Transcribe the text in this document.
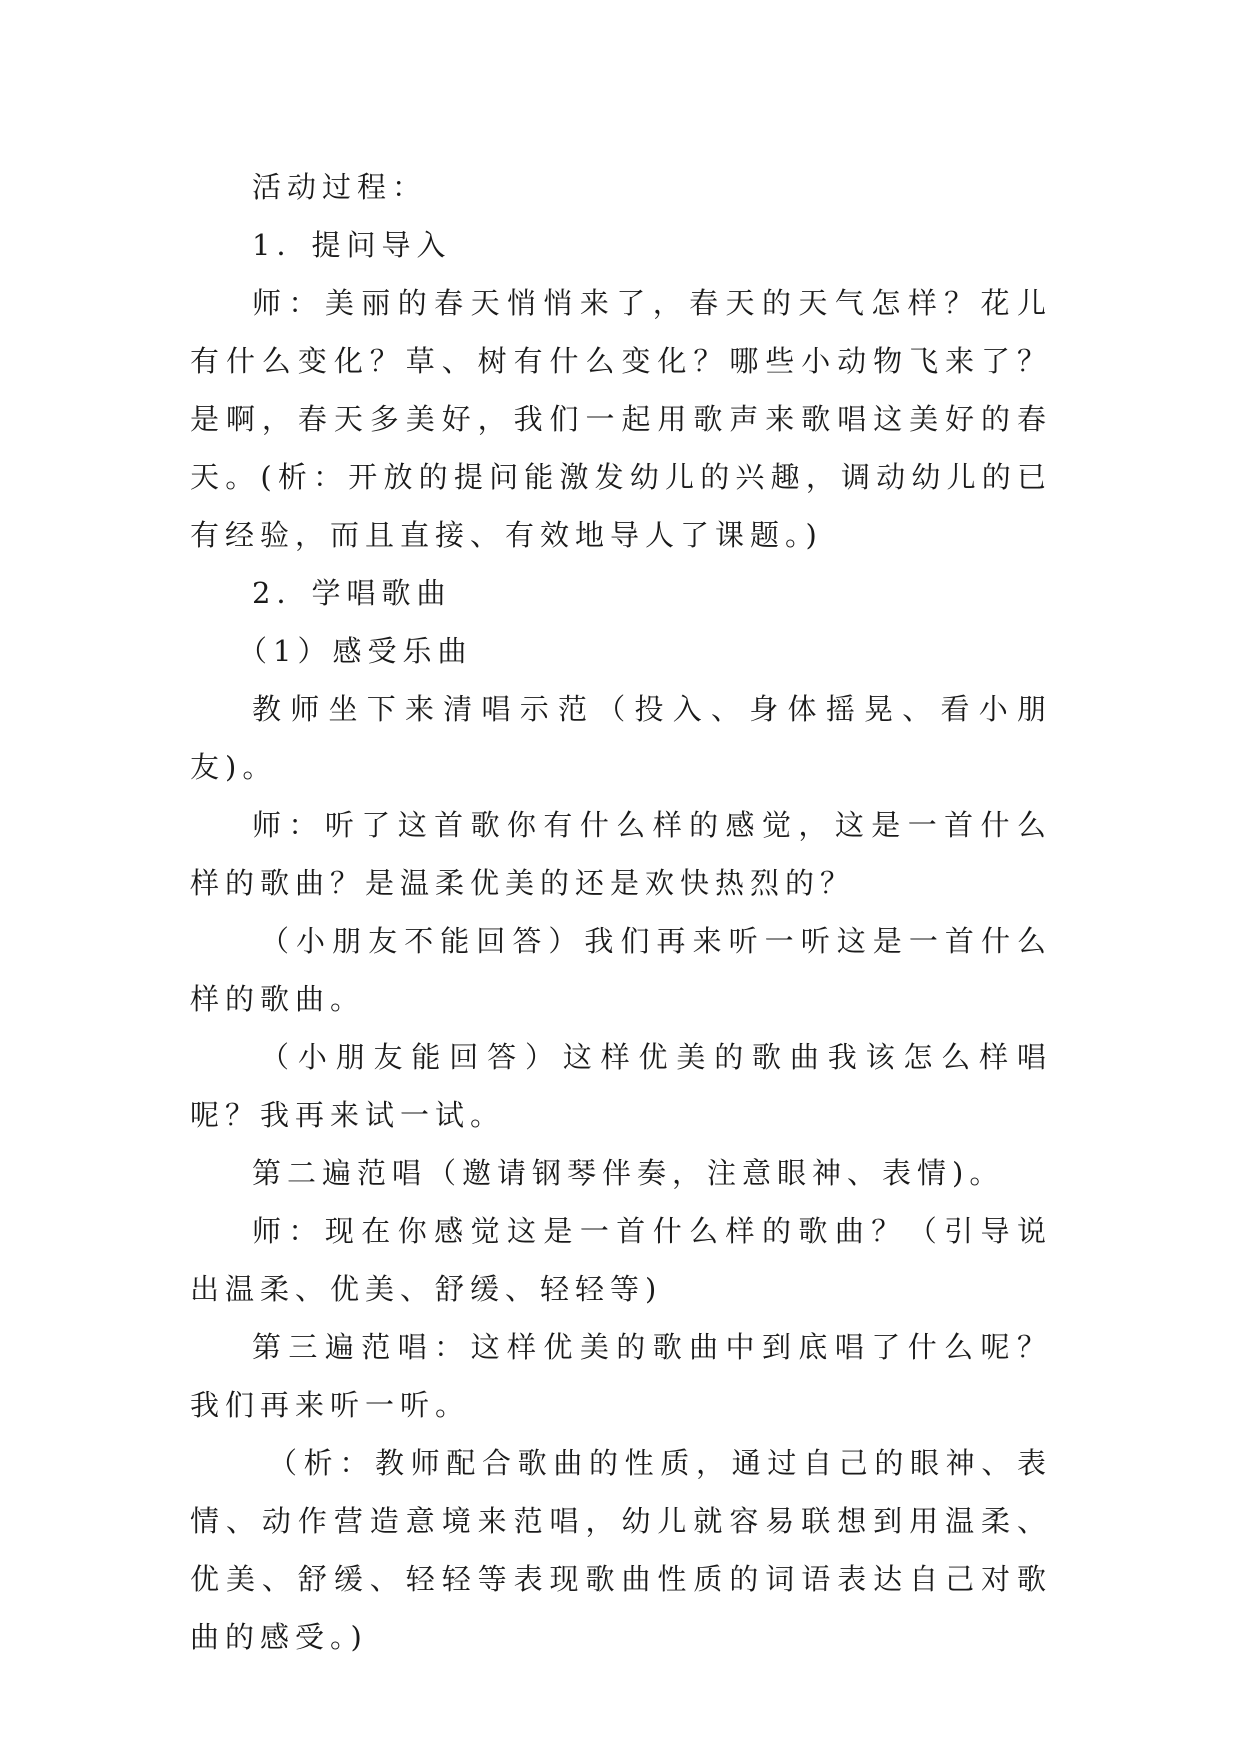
活动过程：

1．提问导入

师：美丽的春天悄悄来了，春天的天气怎样？花儿有什么变化？草、树有什么变化？哪些小动物飞来了？是啊，春天多美好，我们一起用歌声来歌唱这美好的春天。(析：开放的提问能激发幼儿的兴趣，调动幼儿的已有经验，而且直接、有效地导人了课题。)

2．学唱歌曲

（1）感受乐曲

教师坐下来清唱示范（投入、身体摇晃、看小朋友)。

师：听了这首歌你有什么样的感觉，这是一首什么样的歌曲？是温柔优美的还是欢快热烈的？

（小朋友不能回答）我们再来听一听这是一首什么样的歌曲。

（小朋友能回答）这样优美的歌曲我该怎么样唱呢？我再来试一试。

第二遍范唱（邀请钢琴伴奏，注意眼神、表情)。

师：现在你感觉这是一首什么样的歌曲？（引导说出温柔、优美、舒缓、轻轻等)

第三遍范唱：这样优美的歌曲中到底唱了什么呢？我们再来听一听。

（析：教师配合歌曲的性质，通过自己的眼神、表情、动作营造意境来范唱，幼儿就容易联想到用温柔、优美、舒缓、轻轻等表现歌曲性质的词语表达自己对歌曲的感受。)
